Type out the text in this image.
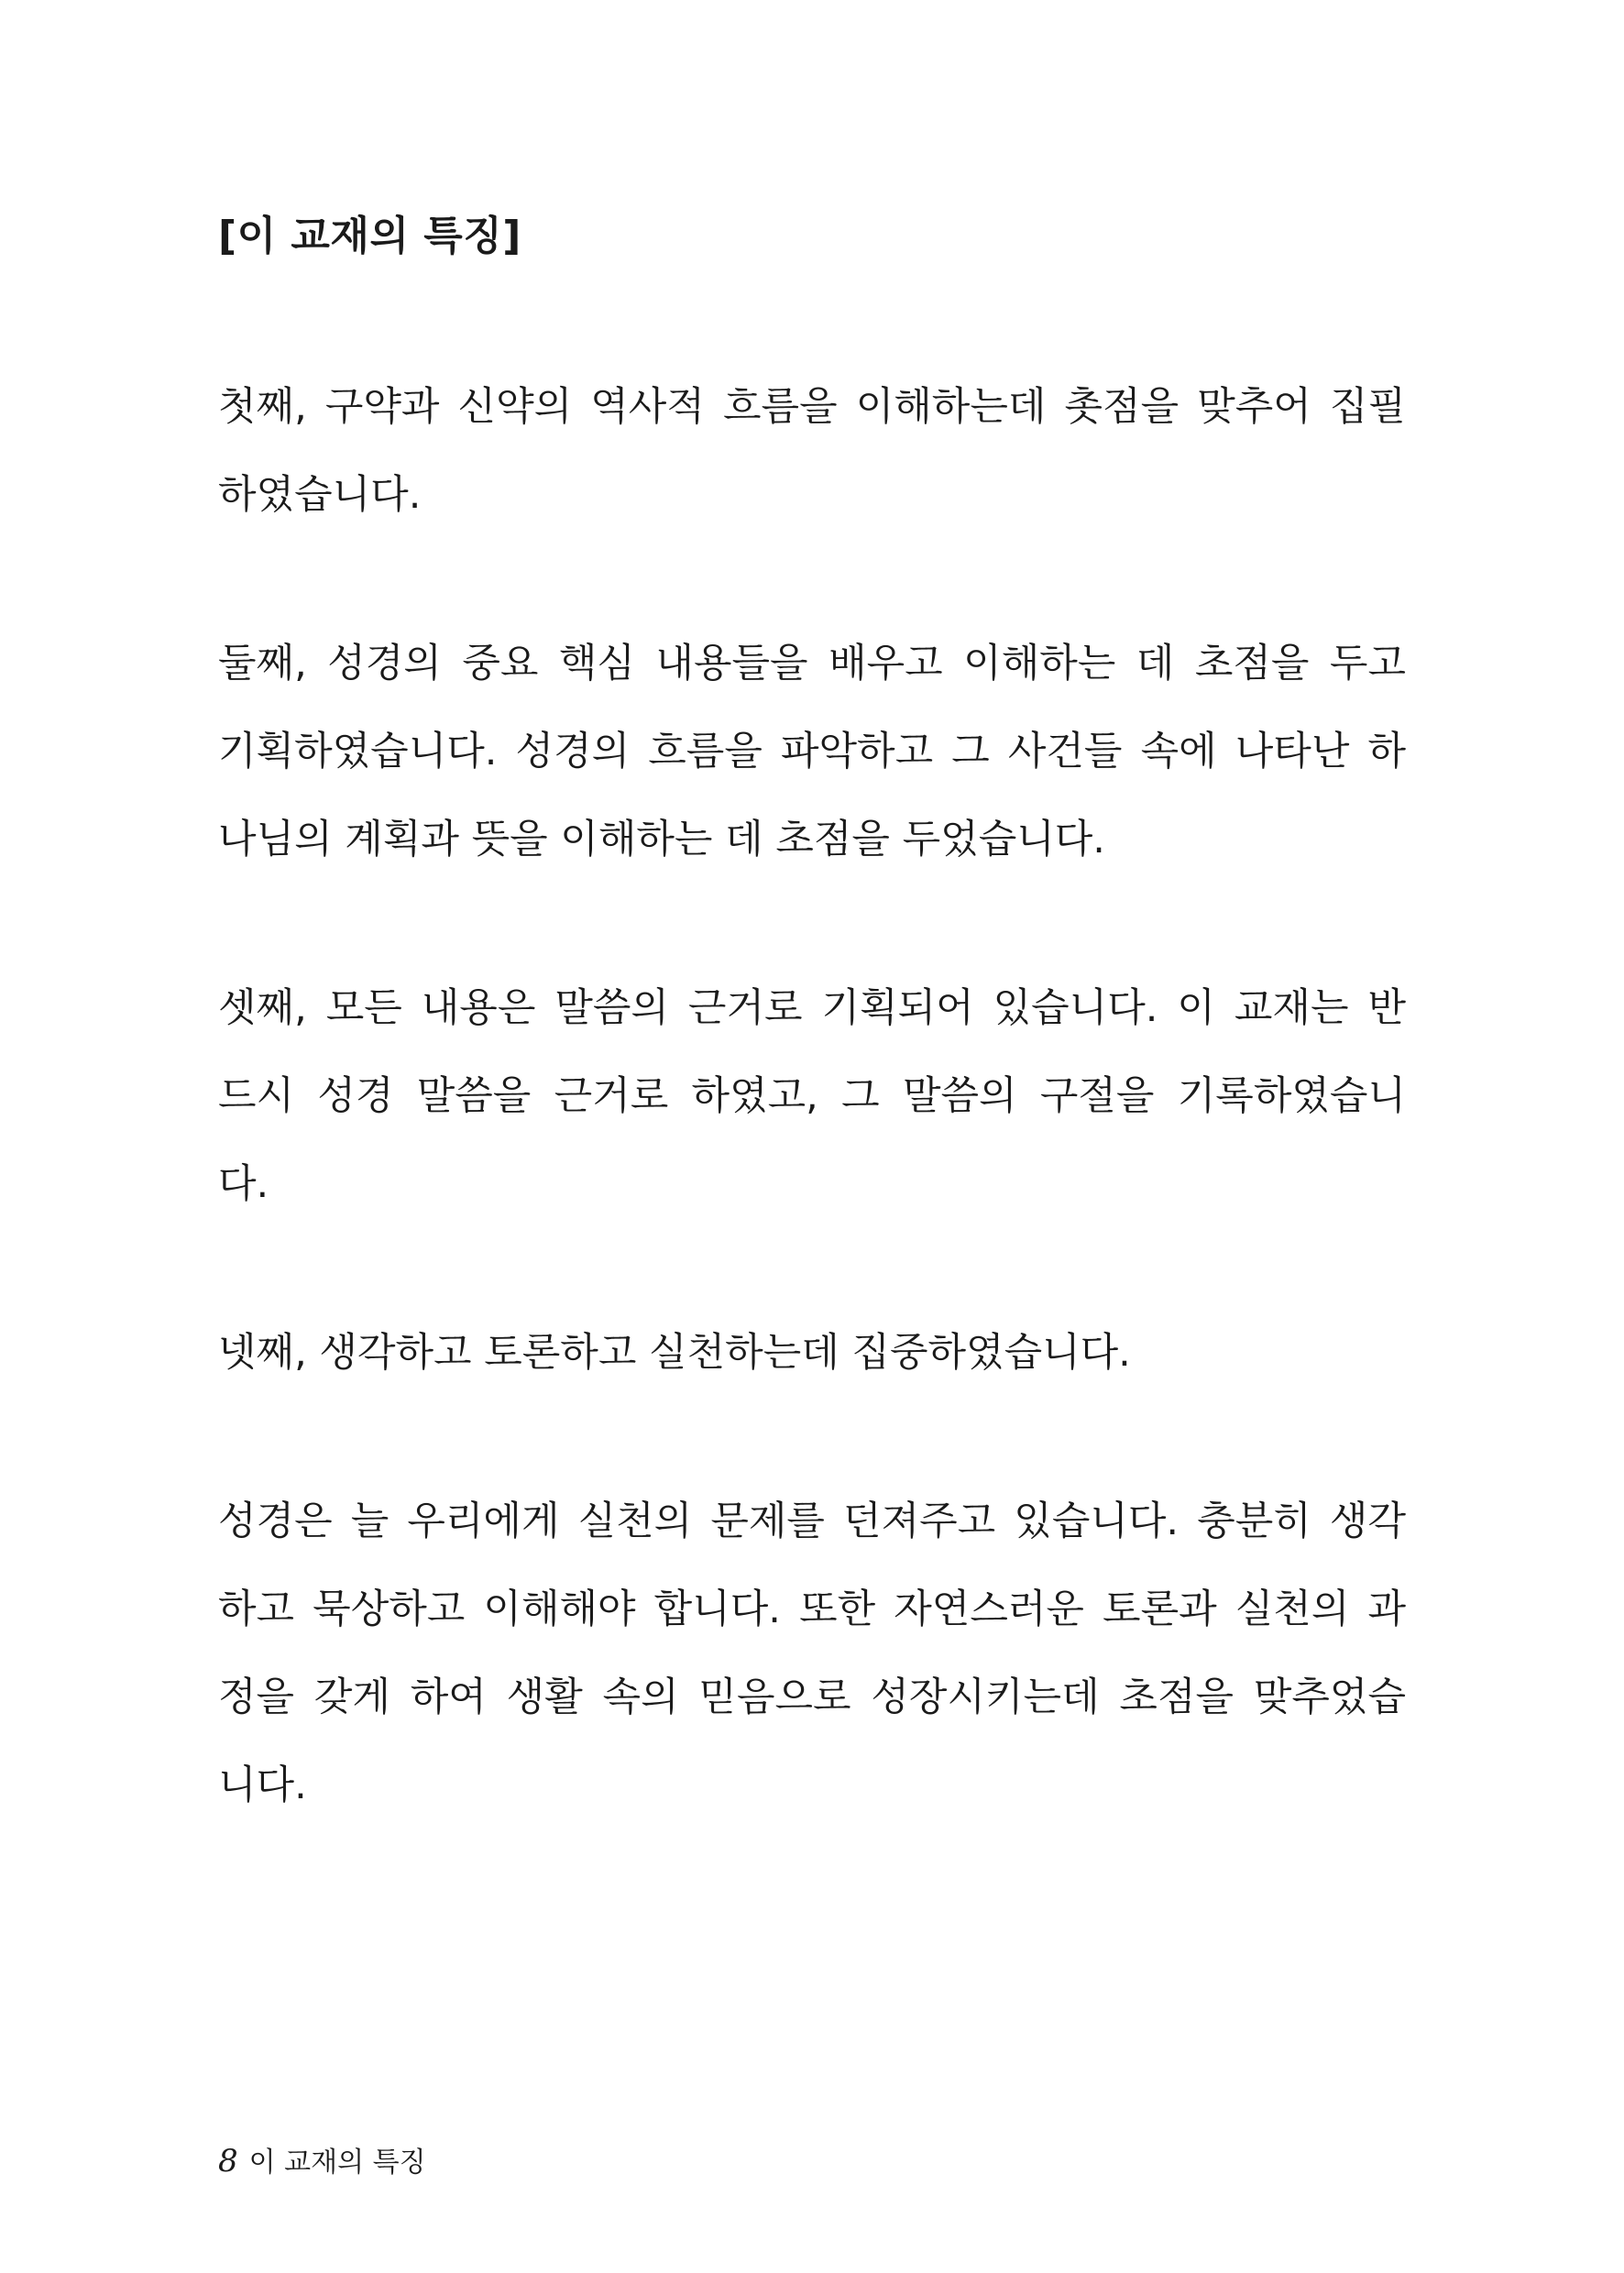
[이 교재의 특징]
첫째, 구약과 신약의 역사적 흐름을 이해하는데 촛점을 맞추어 집필
하였습니다.
둘째, 성경의 중요 핵심 내용들을 배우고 이해하는 데 초점을 두고
기획하였습니다. 성경의 흐름을 파악하고 그 사건들 속에 나타난 하
나님의 계획과 뜻을 이해하는 데 초점을 두었습니다.
셋째, 모든 내용은 말씀의 근거로 기획되어 있습니다. 이 교재는 반
드시 성경 말씀을 근거로 하였고, 그 말씀의 구절을 기록하였습니
다.
넷째, 생각하고 토론하고 실천하는데 집중하였습니다.
성경은 늘 우리에게 실천의 문제를 던져주고 있습니다. 충분히 생각
하고 묵상하고 이해해야 합니다. 또한 자연스러운 토론과 실천의 과
정을 갖게 하여 생활 속의 믿음으로 성장시키는데 초점을 맞추었습
니다.
8 이 교재의 특징
